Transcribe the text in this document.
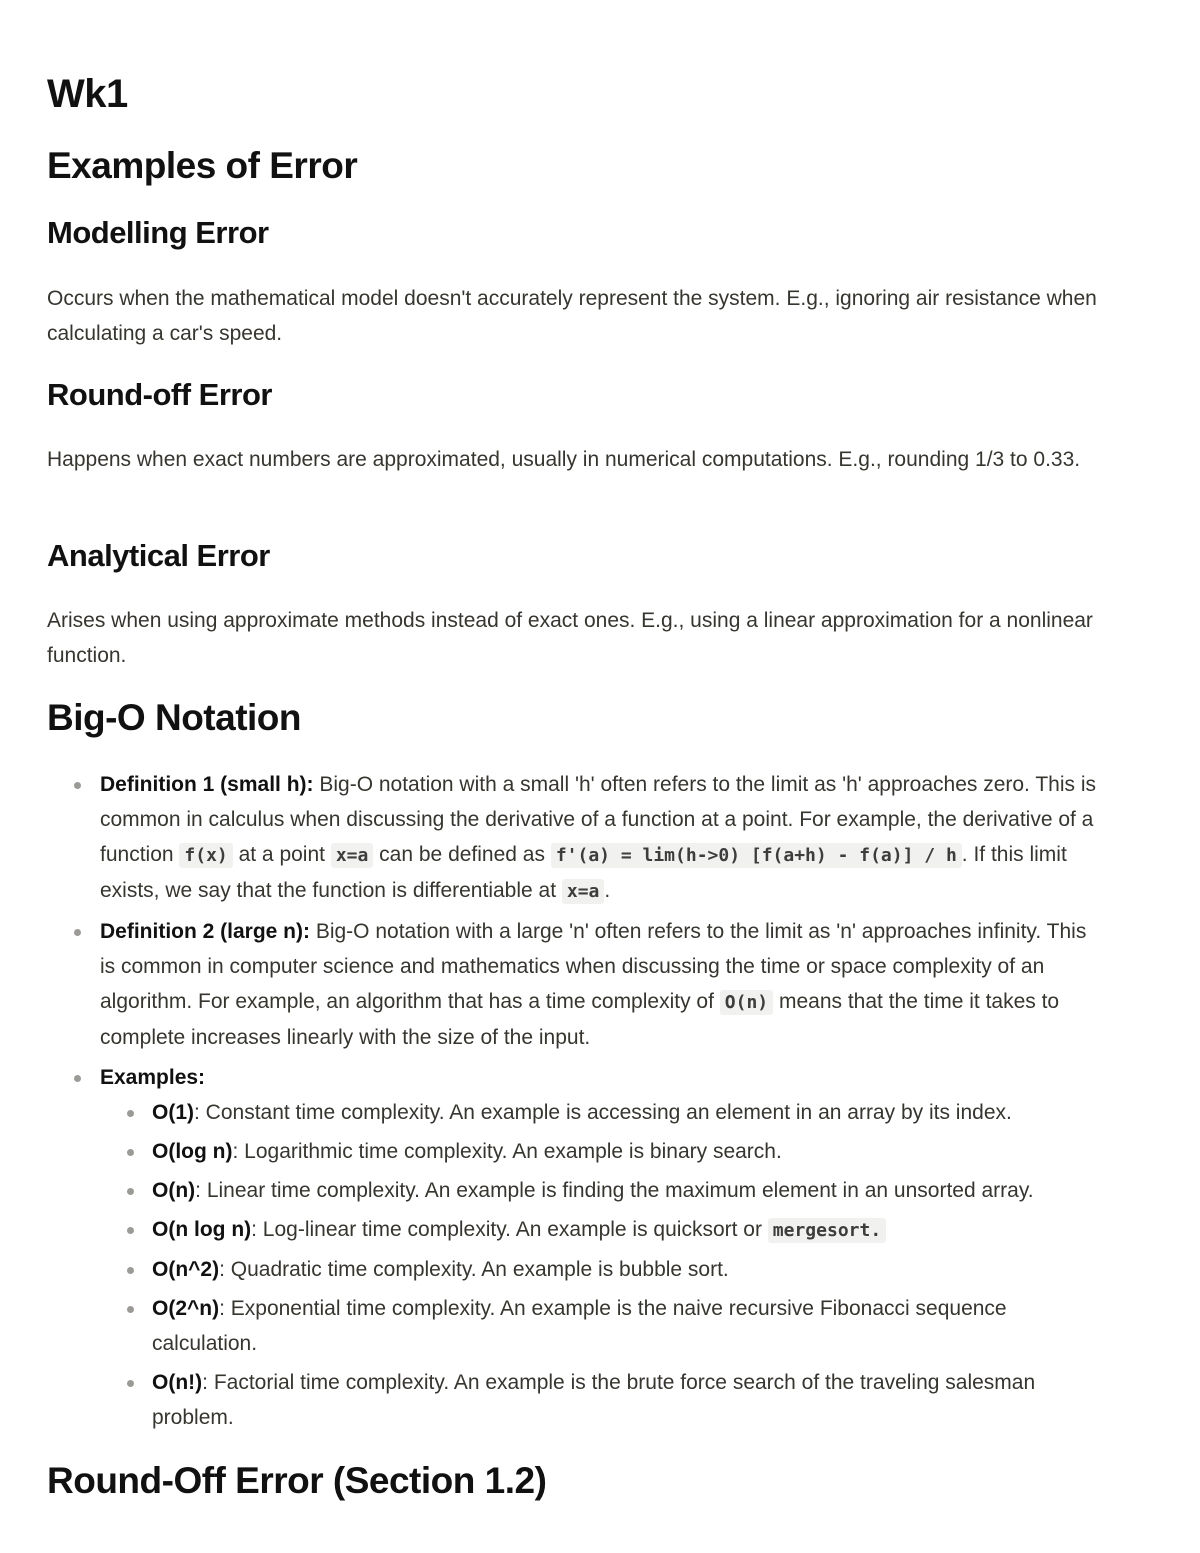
Wk1
Examples of Error
Modelling Error

Occurs when the mathematical model doesn't accurately represent the system. E.g., ignoring air resistance when calculating a car's speed.

Round-off Error

Happens when exact numbers are approximated, usually in numerical computations. E.g., rounding 1/3 to 0.33.

Analytical Error

Arises when using approximate methods instead of exact ones. E.g., using a linear approximation for a nonlinear function.

Big-O Notation
Definition 1 (small h): Big-O notation with a small 'h' often refers to the limit as 'h' approaches zero. This is common in calculus when discussing the derivative of a function at a point. For example, the derivative of a function f(x) at a point x=a can be defined as f'(a) = lim(h->0) [f(a+h) - f(a)] / h . If this limit exists, we say that the function is differentiable at x=a .
Definition 2 (large n): Big-O notation with a large 'n' often refers to the limit as 'n' approaches infinity. This is common in computer science and mathematics when discussing the time or space complexity of an algorithm. For example, an algorithm that has a time complexity of O(n) means that the time it takes to complete increases linearly with the size of the input.
Examples:
O(1): Constant time complexity. An example is accessing an element in an array by its index.
O(log n): Logarithmic time complexity. An example is binary search.
O(n): Linear time complexity. An example is finding the maximum element in an unsorted array.
O(n log n): Log-linear time complexity. An example is quicksort or mergesort.
O(n^2): Quadratic time complexity. An example is bubble sort.
O(2^n): Exponential time complexity. An example is the naive recursive Fibonacci sequence calculation.
O(n!): Factorial time complexity. An example is the brute force search of the traveling salesman problem.
Round-Off Error (Section 1.2)
